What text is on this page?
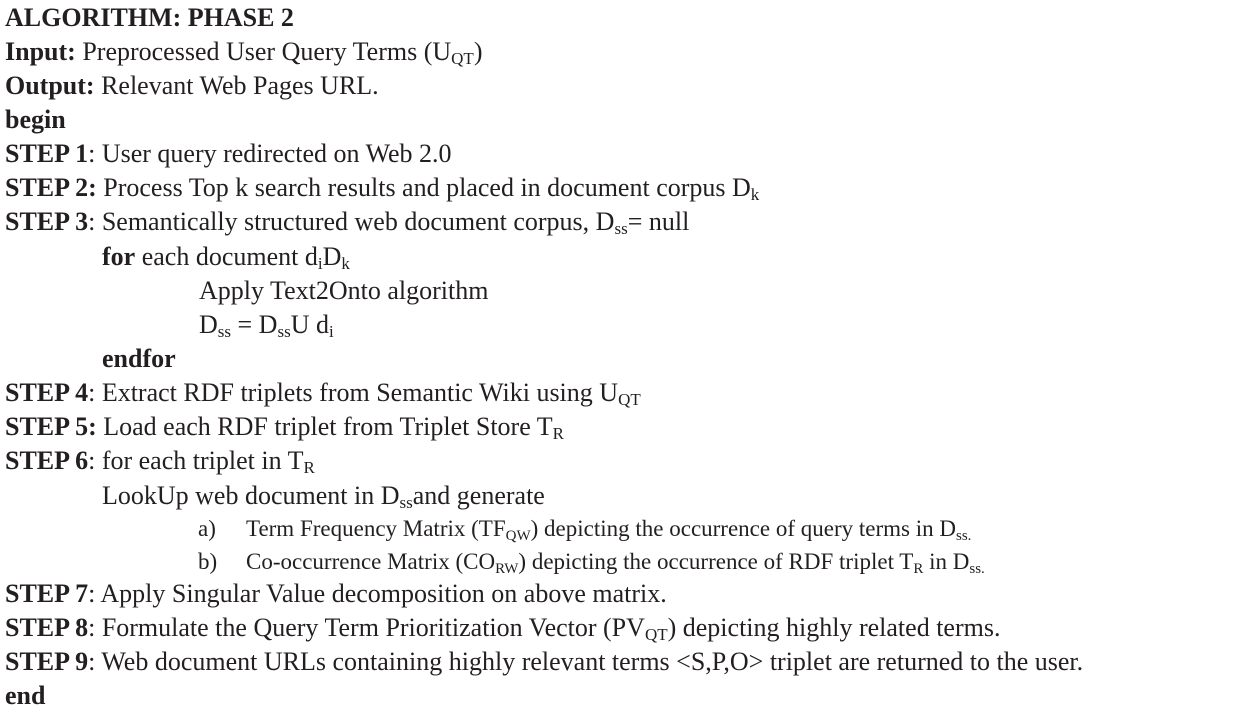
ALGORITHM: PHASE 2
Input: Preprocessed User Query Terms $(U_{QT})$
Output: Relevant Web Pages URL.
begin
STEP 1: User query redirected on Web 2.0
STEP 2: Process Top k search results and placed in document corpus $D_k$
STEP 3: Semantically structured web document corpus, $D_{ss}=$ null
for each document $d_iD_k$
Apply Text2Onto algorithm
$D_{ss} = D_{ss}U$ $d_i$
endfor
STEP 4: Extract RDF triplets from Semantic Wiki using $U_{QT}$
STEP 5: Load each RDF triplet from Triplet Store $T_R$
STEP 6: for each triplet in $T_R$
LookUp web document in $D_{ss}and$ generate
a) Term Frequency Matrix $(TF_{QW})$ depicting the occurrence of query terms in $D_{ss.}$
b) Co-occurrence Matrix $(CO_{RW})$ depicting the occurrence of RDF triplet $T_R$ in $D_{ss.}$
STEP 7: Apply Singular Value decomposition on above matrix.
STEP 8: Formulate the Query Term Prioritization Vector $(PV_{QT})$ depicting highly related terms.
STEP 9: Web document URLs containing highly relevant terms <S,P,O> triplet are returned to the user.
end
